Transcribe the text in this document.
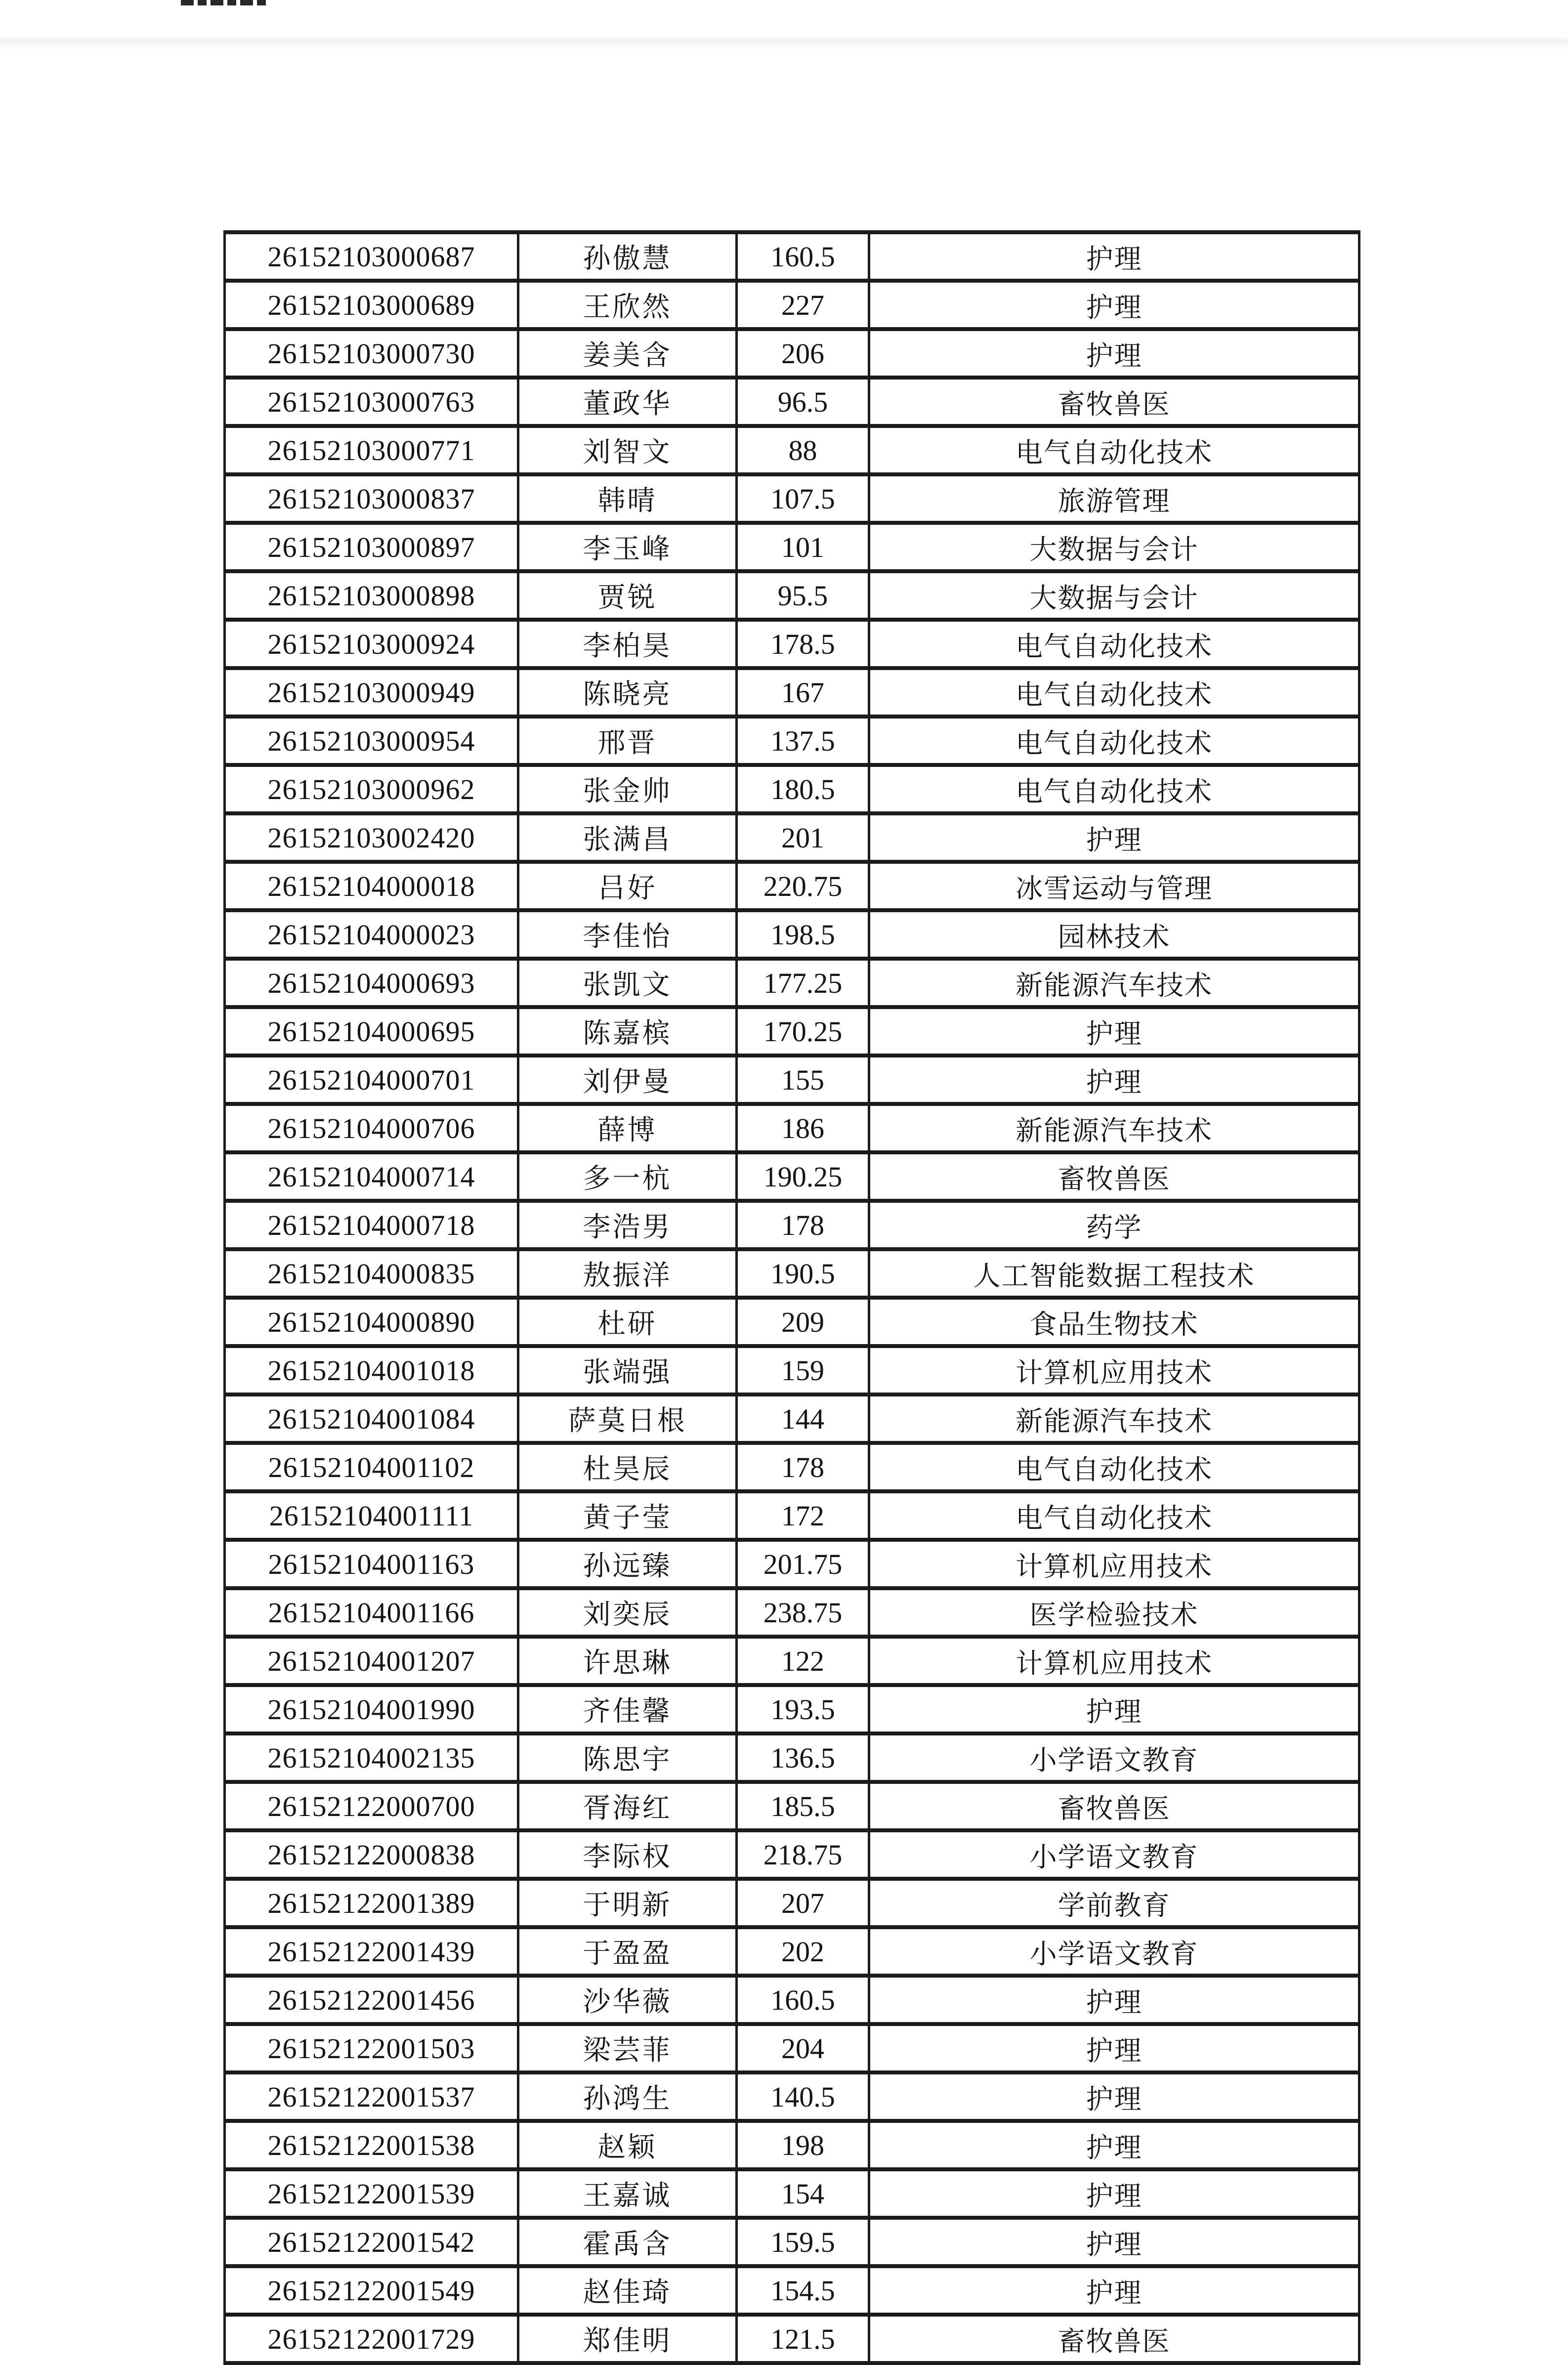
26152103000687	孙傲慧	160.5	护理
26152103000689	王欣然	227	护理
26152103000730	姜美含	206	护理
26152103000763	董政华	96.5	畜牧兽医
26152103000771	刘智文	88	电气自动化技术
26152103000837	韩晴	107.5	旅游管理
26152103000897	李玉峰	101	大数据与会计
26152103000898	贾锐	95.5	大数据与会计
26152103000924	李柏昊	178.5	电气自动化技术
26152103000949	陈晓亮	167	电气自动化技术
26152103000954	邢晋	137.5	电气自动化技术
26152103000962	张金帅	180.5	电气自动化技术
26152103002420	张满昌	201	护理
26152104000018	吕好	220.75	冰雪运动与管理
26152104000023	李佳怡	198.5	园林技术
26152104000693	张凯文	177.25	新能源汽车技术
26152104000695	陈嘉槟	170.25	护理
26152104000701	刘伊曼	155	护理
26152104000706	薛博	186	新能源汽车技术
26152104000714	多一杭	190.25	畜牧兽医
26152104000718	李浩男	178	药学
26152104000835	敖振洋	190.5	人工智能数据工程技术
26152104000890	杜研	209	食品生物技术
26152104001018	张端强	159	计算机应用技术
26152104001084	萨莫日根	144	新能源汽车技术
26152104001102	杜昊辰	178	电气自动化技术
26152104001111	黄子莹	172	电气自动化技术
26152104001163	孙远臻	201.75	计算机应用技术
26152104001166	刘奕辰	238.75	医学检验技术
26152104001207	许思琳	122	计算机应用技术
26152104001990	齐佳馨	193.5	护理
26152104002135	陈思宇	136.5	小学语文教育
26152122000700	胥海红	185.5	畜牧兽医
26152122000838	李际权	218.75	小学语文教育
26152122001389	于明新	207	学前教育
26152122001439	于盈盈	202	小学语文教育
26152122001456	沙华薇	160.5	护理
26152122001503	梁芸菲	204	护理
26152122001537	孙鸿生	140.5	护理
26152122001538	赵颖	198	护理
26152122001539	王嘉诚	154	护理
26152122001542	霍禹含	159.5	护理
26152122001549	赵佳琦	154.5	护理
26152122001729	郑佳明	121.5	畜牧兽医
